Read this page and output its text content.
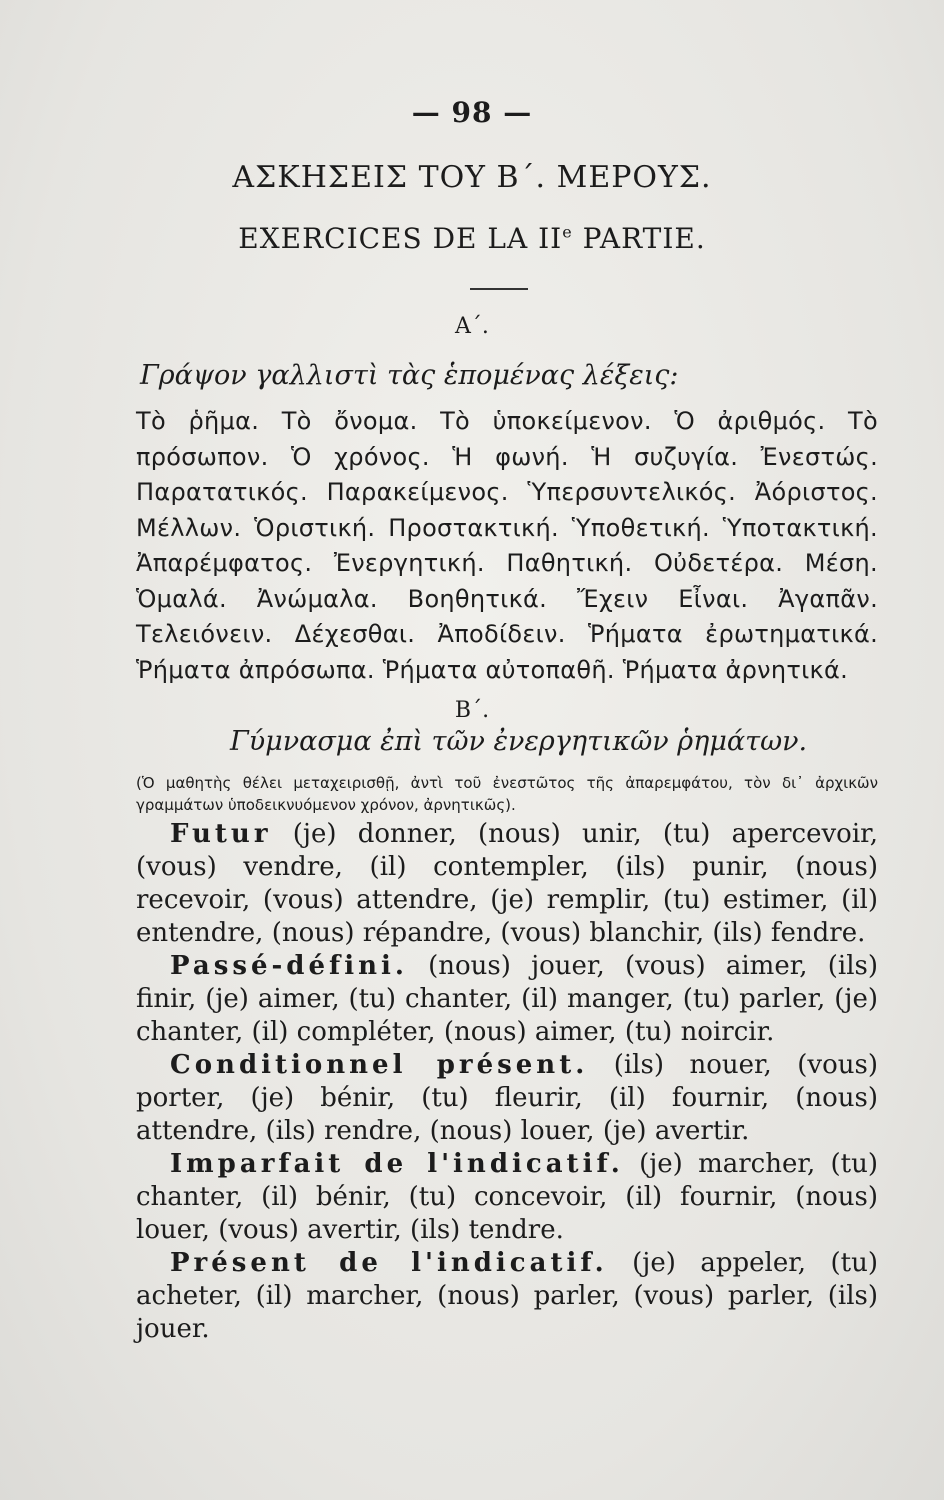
— 98 —
ΑΣΚΗΣΕΙΣ ΤΟΥ Β΄. ΜΕΡΟΥΣ.
EXERCICES DE LA IIe PARTIE.
Α΄.
Γράψον γαλλιστὶ τὰς ἑπομένας λέξεις:
Τὸ ῥῆμα. Τὸ ὄνομα. Τὸ ὑποκείμενον. Ὁ ἀριθμός. Τὸ πρόσωπον. Ὁ χρόνος. Ἡ φωνή. Ἡ συζυγία. Ἐνεστώς. Παρατατικός. Παρακείμενος. Ὑπερσυντελικός. Ἀόριστος. Μέλλων. Ὁριστική. Προστακτική. Ὑποθετική. Ὑποτακτική. Ἀπαρέμφατος. Ἐνεργητική. Παθητική. Οὐδετέρα. Μέση. Ὁμαλά. Ἀνώμαλα. Βοηθητικά. Ἔχειν Εἶναι. Ἀγαπᾶν. Τελειόνειν. Δέχεσθαι. Ἀποδίδειν. Ῥήματα ἐρωτηματικά. Ῥήματα ἀπρόσωπα. Ῥήματα αὐτοπαθῆ. Ῥήματα ἀρνητικά.
Β΄.
Γύμνασμα ἐπὶ τῶν ἐνεργητικῶν ῥημάτων.
(Ὁ μαθητὴς θέλει μεταχειρισθῇ, ἀντὶ τοῦ ἐνεστῶτος τῆς ἀπαρεμφάτου, τὸν δι᾽ ἀρχικῶν γραμμάτων ὑποδεικνυόμενον χρόνον, ἀρνητικῶς).

Futur (je) donner, (nous) unir, (tu) apercevoir, (vous) vendre, (il) contempler, (ils) punir, (nous) recevoir, (vous) attendre, (je) remplir, (tu) estimer, (il) entendre, (nous) répandre, (vous) blanchir, (ils) fendre.

Passé-défini. (nous) jouer, (vous) aimer, (ils) finir, (je) aimer, (tu) chanter, (il) manger, (tu) parler, (je) chanter, (il) compléter, (nous) aimer, (tu) noircir.

Conditionnel présent. (ils) nouer, (vous) porter, (je) bénir, (tu) fleurir, (il) fournir, (nous) attendre, (ils) rendre, (nous) louer, (je) avertir.

Imparfait de l'indicatif. (je) marcher, (tu) chanter, (il) bénir, (tu) concevoir, (il) fournir, (nous) louer, (vous) avertir, (ils) tendre.

Présent de l'indicatif. (je) appeler, (tu) acheter, (il) marcher, (nous) parler, (vous) parler, (ils) jouer.
